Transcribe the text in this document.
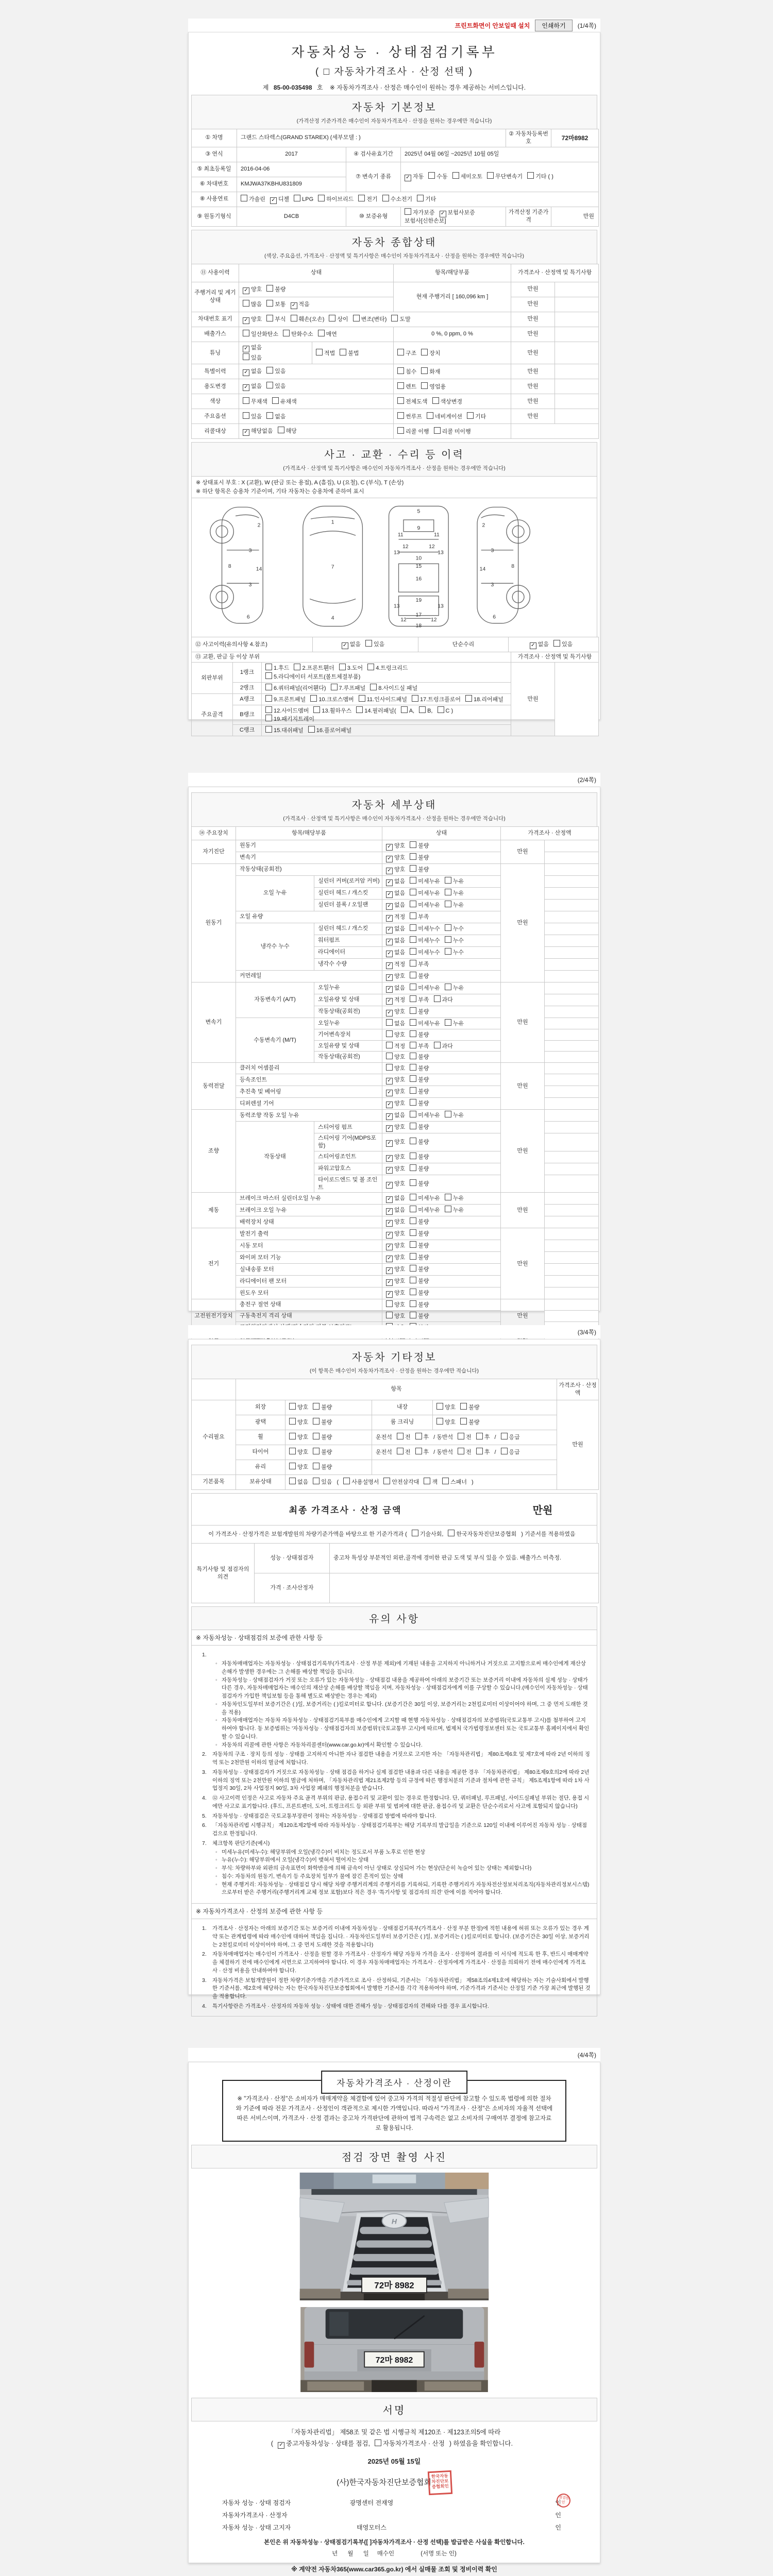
프린트화면이 안보일때 설치	인쇄하기	(1/4쪽)
자동차성능 · 상태점검기록부
( □ 자동차가격조사 · 산정 선택 )
제 85-00-035498 호 ※ 자동차가격조사 · 산정은 매수인이 원하는 경우 제공하는 서비스입니다.
자동차 기본정보
(가격산정 기준가격은 매수인이 자동차가격조사 · 산정을 원하는 경우에만 적습니다)
① 차명	그랜드 스타렉스(GRAND STAREX) (세부모델 : )			② 자동차등록번호	72마8982
③ 연식	2017	④ 검사유효기간	2025년 04월 06일 ~2025년 10월 05일		
⑤ 최초등록일	2016-04-06	⑦ 변속기 종류	✓ 자동 수동 세미오토 무단변속기 기타 ( )		
⑥ 차대번호	KMJWA37KBHU831809				
⑧ 사용연료	가솔린 ✓ 디젤 LPG 하이브리드 전기 수소전기 기타				
⑨ 원동기형식	D4CB	⑩ 보증유형	자가보증 ✓ 보험사보증보험사[신한손보]	가격산정 기준가격	만원
자동차 종합상태
(색상, 주요옵션, 가격조사 · 산정액 및 특기사항은 매수인이 자동차가격조사 · 산정을 원하는 경우에만 적습니다)
⑪ 사용이력	상태		항목/해당부품	가격조사 · 산정액 및 특기사항	
주행거리 및 계기상태	✓ 양호 불량		현재 주행거리 [ 160,096 km ]	만원	
	많음 보통 ✓ 적음			만원	
차대번호 표기	✓ 양호 부식 훼손(오손) 상이 변조(변타) 도말			만원	
배출가스	일산화탄소 탄화수소 매연		0 %, 0 ppm, 0 %	만원	
튜닝	✓ 없음
있음	적법 불법	구조 장치	만원	
특별이력	✓ 없음 있음		침수 화재	만원	
용도변경	✓ 없음 있음		렌트 영업용	만원	
색상	무채색 유채색		전체도색 색상변경	만원	
주요옵션	있음 없음		썬루프 네비게이션 기타	만원	
리콜대상	✓ 해당없음 해당		리콜 이행 리콜 미이행		
사고 · 교환 · 수리 등 이력
(가격조사 · 산정액 및 특기사항은 매수인이 자동차가격조사 · 산정을 원하는 경우에만 적습니다)
※ 상태표시 부호 : X (교환), W (판금 또는 용접), A (흠집), U (요철), C (부식), T (손상)
※ 하단 항목은 승용차 기준이며, 기타 자동차는 승용차에 준하여 표시
2
3
8
14
3
6
1
7
4
5
9
11	11
12	12
13	13
10
15
16
19
13	13
12	12
17
18
2
3
8
14
3
6
⑫ 사고이력(유의사항 4.참조)	✓ 없음 있음	단순수리	✓ 없음 있음
⑬ 교환, 판금 등 이상 부위	가격조사 · 산정액 및 특기사항
외판부위	1랭크	1.후드 2.프론트휀더 3.도어 4.트렁크리드5.라디에이터 서포트(볼트체결부품)	만원	
	2랭크	6.쿼터패널(리어휀다) 7.루프패널 8.사이드실 패널		
주요골격	A랭크	9.프론트패널 10.크로스멤버 11.인사이드패널 17.트렁크플로어 18.리어패널		
	B랭크	12.사이드멤버 13.휠하우스 14.필러패널( A, B, C )19.패키지트레이		
	C랭크	15.대쉬패널 16.플로어패널		
(2/4쪽)
자동차 세부상태
(가격조사 · 산정액 및 특기사항은 매수인이 자동차가격조사 · 산정을 원하는 경우에만 적습니다)
⑭ 주요장치	항목/해당부품		상태	가격조사 · 산정액	
자기진단	원동기		✓ 양호 불량	만원	
	변속기		✓ 양호 불량		
원동기	작동상태(공회전)		✓ 양호 불량	만원	
	오일 누유	실린더 커버(로커암 커버)	✓ 없음 미세누유 누유		
		실린더 헤드 / 개스킷	✓ 없음 미세누유 누유		
		실린더 블록 / 오일팬	✓ 없음 미세누유 누유		
	오일 유량		✓ 적정 부족		
	냉각수 누수	실린더 헤드 / 개스킷	✓ 없음 미세누수 누수		
		워터펌프	✓ 없음 미세누수 누수		
		라디에이터	✓ 없음 미세누수 누수		
		냉각수 수량	✓ 적정 부족		
	커먼레일		✓ 양호 불량		
변속기	자동변속기 (A/T)	오일누유	✓ 없음 미세누유 누유	만원	
		오일유량 및 상태	✓ 적정 부족 과다		
		작동상태(공회전)	✓ 양호 불량		
	수동변속기 (M/T)	오일누유	없음 미세누유 누유		
		기어변속장치	양호 불량		
		오일유량 및 상태	적정 부족 과다		
		작동상태(공회전)	양호 불량		
동력전달	클러치 어셈블리		양호 불량	만원	
	등속조인트		✓ 양호 불량		
	추진축 및 베어링		✓ 양호 불량		
	디퍼렌셜 기어		✓ 양호 불량		
조향	동력조향 작동 오일 누유		✓ 없음 미세누유 누유	만원	
	작동상태	스티어링 펌프	✓ 양호 불량		
		스티어링 기어(MDPS포함)	✓ 양호 불량		
		스티어링조인트	✓ 양호 불량		
		파워고압호스	✓ 양호 불량		
		타이로드엔드 및 볼 조인트	✓ 양호 불량		
제동	브레이크 마스터 실린더오일 누유		✓ 없음 미세누유 누유	만원	
	브레이크 오일 누유		✓ 없음 미세누유 누유		
	배력장치 상태		✓ 양호 불량		
전기	발전기 출력		✓ 양호 불량	만원	
	시동 모터		✓ 양호 불량		
	와이퍼 모터 기능		✓ 양호 불량		
	실내송풍 모터		✓ 양호 불량		
	라디에이터 팬 모터		✓ 양호 불량		
	윈도우 모터		✓ 양호 불량		
고전원전기장치	충전구 절연 상태		양호 불량	만원	
	구동축전지 격리 상태		양호 불량		

(3/4쪽)
자동차 기타정보
(이 항목은 매수인이 자동차가격조사 · 산정을 원하는 경우에만 적습니다)
	항목				가격조사 · 산정액
수리필요	외장	양호 불량	내장	양호 불량	만원
	광택	양호 불량	룸 크리닝	양호 불량	
	휠	양호 불량	운전석 전 후 / 동반석 전 후 / 응급		
	타이어	양호 불량	운전석 전 후 / 동반석 전 후 / 응급		
	유리	양호 불량			
기본품목	보유상태	없음 있음 ( 사용설명서 안전삼각대 잭 스패너 )			
최종 가격조사 · 산정 금액	만원
이 가격조사 · 산정가격은 보험개발원의 차량기준가액을 바탕으로 한 기준가격과 ( 기술사회, 한국자동차진단보증협회 ) 기준서를 적용하였음
특기사항 및 점검자의 의견	성능 · 상태점검자	중고차 특성상 부분적인 외판,골격에 경미한 판금 도색 및 부식 있을 수 있음. 배출가스 미측정.
	가격 · 조사산정자	
유의 사항
※ 자동차성능 · 상태점검의 보증에 관한 사항 등
1.
◦ 자동차매매업자는 자동차성능 · 상태점검기록부(가격조사 · 산정 부분 제외)에 기재된 내용을 고지하지 아니하거나 거짓으로 고지함으로써 매수인에게 재산상 손해가 발생한 경우에는 그 손해를 배상할 책임을 집니다.
◦ 자동차성능 · 상태점검자가 거짓 또는 오류가 있는 자동차성능 · 상태점검 내용을 제공하여 아래의 보증기간 또는 보증거리 이내에 자동차의 실제 성능 · 상태가 다른 경우, 자동차매매업자는 매수인의 재산상 손해를 배상할 책임을 지며, 자동차성능 · 상태점검자에게 이를 구상할 수 있습니다.(매수인이 자동차성능 · 상태점검자가 가입한 책임보험 등을 통해 별도로 배상받는 경우는 제외)
◦ 자동차인도일부터 보증기간은 ( )일, 보증거리는 ( )킬로미터로 합니다. (보증기간은 30일 이상, 보증거리는 2천킬로미터 이상이어야 하며, 그 중 먼저 도래한 것을 적용)
◦ 자동차매매업자는 자동차 자동차성능 · 상태점검기록부를 매수인에게 고지할 때 현행 자동차성능 · 상태점검자의 보증범위(국토교통부 고시)를 첨부하여 고지하여야 합니다. 동 보증범위는 '자동차성능 · 상태점검자의 보증범위'(국토교통부 고시)에 따르며, 법제처 국가법령정보센터 또는 국토교통부 홈페이지에서 확인할 수 있습니다.
◦ 자동차의 리콜에 관한 사항은 자동차리콜센터(www.car.go.kr)에서 확인할 수 있습니다.
2.	자동차의 구조 · 장치 등의 성능 · 상태를 고지하지 아니한 자나 점검한 내용을 거짓으로 고지한 자는 「자동차관리법」 제80조제6호 및 제7호에 따라 2년 이하의 징역 또는 2천만원 이하의 벌금에 처합니다.
3.	자동차성능 · 상태점검자가 거짓으로 자동차성능 · 상태 점검을 하거나 실제 점검한 내용과 다른 내용을 제공한 경우 「자동차관리법」 제80조제9호의2에 따라 2년 이하의 징역 또는 2천만원 이하의 벌금에 처하며, 「자동차관리법 제21조제2항 등의 규정에 따른 행정처분의 기준과 절차에 관한 규칙」 제5조제1항에 따라 1차 사업정지 30일, 2차 사업정지 90일, 3차 사업장 폐쇄의 행정처분을 받습니다.
4.	⑫ 사고이력 인정은 사고로 자동차 주요 골격 부위의 판금, 용접수리 및 교환이 있는 경우로 한정합니다. 단, 쿼터패널, 루프패널, 사이드실패널 부위는 절단, 용접 시에만 사고로 표기합니다. (후드, 프론트펜더, 도어, 트렁크리드 등 외판 부위 및 범퍼에 대한 판금, 용접수리 및 교환은 단순수리로서 사고에 포함되지 않습니다)
5.	자동차성능 · 상태점검은 국토교통부장관이 정하는 자동차성능 · 상태점검 방법에 따라야 합니다.
6.	「자동차관리법 시행규칙」 제120조제2항에 따라 자동차성능 · 상태점검기록부는 해당 기록부의 발급일을 기준으로 120일 이내에 이루어진 자동차 성능 · 상태점검으로 한정됩니다.
7.	체크항목 판단기준(예시)
◦ 미세누유(미세누수): 해당부위에 오일(냉각수)이 비치는 정도로서 부품 노후로 인한 현상
◦ 누유(누수): 해당부위에서 오일(냉각수)이 맺혀서 떨어지는 상태
◦ 부식: 차량하부와 외판의 금속표면이 화학반응에 의해 금속이 아닌 상태로 상실되어 가는 현상(단순히 녹슬어 있는 상태는 제외합니다)
◦ 침수: 자동차의 원동기, 변속기 등 주요장치 일부가 물에 잠긴 흔적이 있는 상태
◦ 현재 주행거리: 자동차성능 · 상태점검 당시 해당 차량 주행거리계의 주행거리를 기록하되, 기록한 주행거리가 자동차전산정보처리조직(자동차관리정보시스템)으로부터 받은 주행거리(주행거리계 교체 정보 포함)보다 적은 경우 '특기사항 및 점검자의 의견' 란에 이를 적어야 합니다.
※ 자동차가격조사 · 산정의 보증에 관한 사항 등
1.	가격조사 · 산정자는 아래의 보증기간 또는 보증거리 이내에 자동차성능 · 상태점검기록부(가격조사 · 산정 부분 한정)에 적힌 내용에 허위 또는 오류가 있는 경우 계약 또는 관계법령에 따라 매수인에 대하여 책임을 집니다. · 자동차인도일부터 보증기간은 ( )일, 보증거리는 ( )킬로미터로 합니다. (보증기간은 30일 이상, 보증거리는 2천킬로미터 이상이어야 하며, 그 중 먼저 도래한 것을 적용합니다)
2.	자동차매매업자는 매수인이 가격조사 · 산정을 원할 경우 가격조사 · 산정자가 해당 자동차 가격을 조사 · 산정하여 결과를 이 서식에 적도록 한 후, 반드시 매매계약을 체결하기 전에 매수인에게 서면으로 고지하여야 합니다. 이 경우 자동차매매업자는 가격조사 · 산정자에게 가격조사 · 산정을 의뢰하기 전에 매수인에게 가격조사 · 산정 비용을 안내하여야 합니다.
3.	자동차가격은 보험개발원이 정한 차량기준가액을 기준가격으로 조사 · 산정하되, 기준서는 「자동차관리법」 제58조의4제1호에 해당하는 자는 기술사회에서 발행한 기준서를, 제2호에 해당하는 자는 한국자동차진단보증협회에서 발행한 기준서를 각각 적용하여야 하며, 기준가격과 기준서는 산정일 기준 가장 최근에 발행된 것을 적용합니다.
4.	특기사항란은 가격조사 · 산정자의 자동차 성능 · 상태에 대한 견해가 성능 · 상태점검자의 견해와 다를 경우 표시합니다.
(4/4쪽)
자동차가격조사 · 산정이란
※ "가격조사 · 산정"은 소비자가 매매계약을 체결함에 있어 중고차 가격의 적절성 판단에 참고할 수 있도록 법령에 의한 절차와 기준에 따라 전문 가격조사 · 산정인이 객관적으로 제시한 가액입니다. 따라서 "가격조사 · 산정"은 소비자의 자율적 선택에 따른 서비스이며, 가격조사 · 산정 결과는 중고차 가격판단에 관하여 법적 구속력은 없고 소비자의 구매여부 결정에 참고자료로 활용됩니다.
점검 장면 촬영 사진
H
72마 8982
72마 8982
서명
「자동차관리법」 제58조 및 같은 법 시행규칙 제120조 · 제123조의5에 따라
(✓ 중고자동차성능 · 상태를 점검, 자동차가격조사 · 산정) 하였음을 확인합니다.
2025년 05월 15일
(사)한국자동차진단보증협회한국자동차진단보증협회인
자동차 성능 · 상태 점검자	광명센터 전재영	인
점검원인
자동차가격조사 · 산정자	인
자동차 성능 · 상태 고지자	태영모터스	인
본인은 위 자동차성능 · 상태점검기록부([ ]자동차가격조사 · 산정 선택)를 발급받은 사실을 확인합니다.
년      월      일     매수인                (서명 또는 인)
※ 계약전 자동차365(www.car365.go.kr) 에서 실매물 조회 및 정비이력 확인
